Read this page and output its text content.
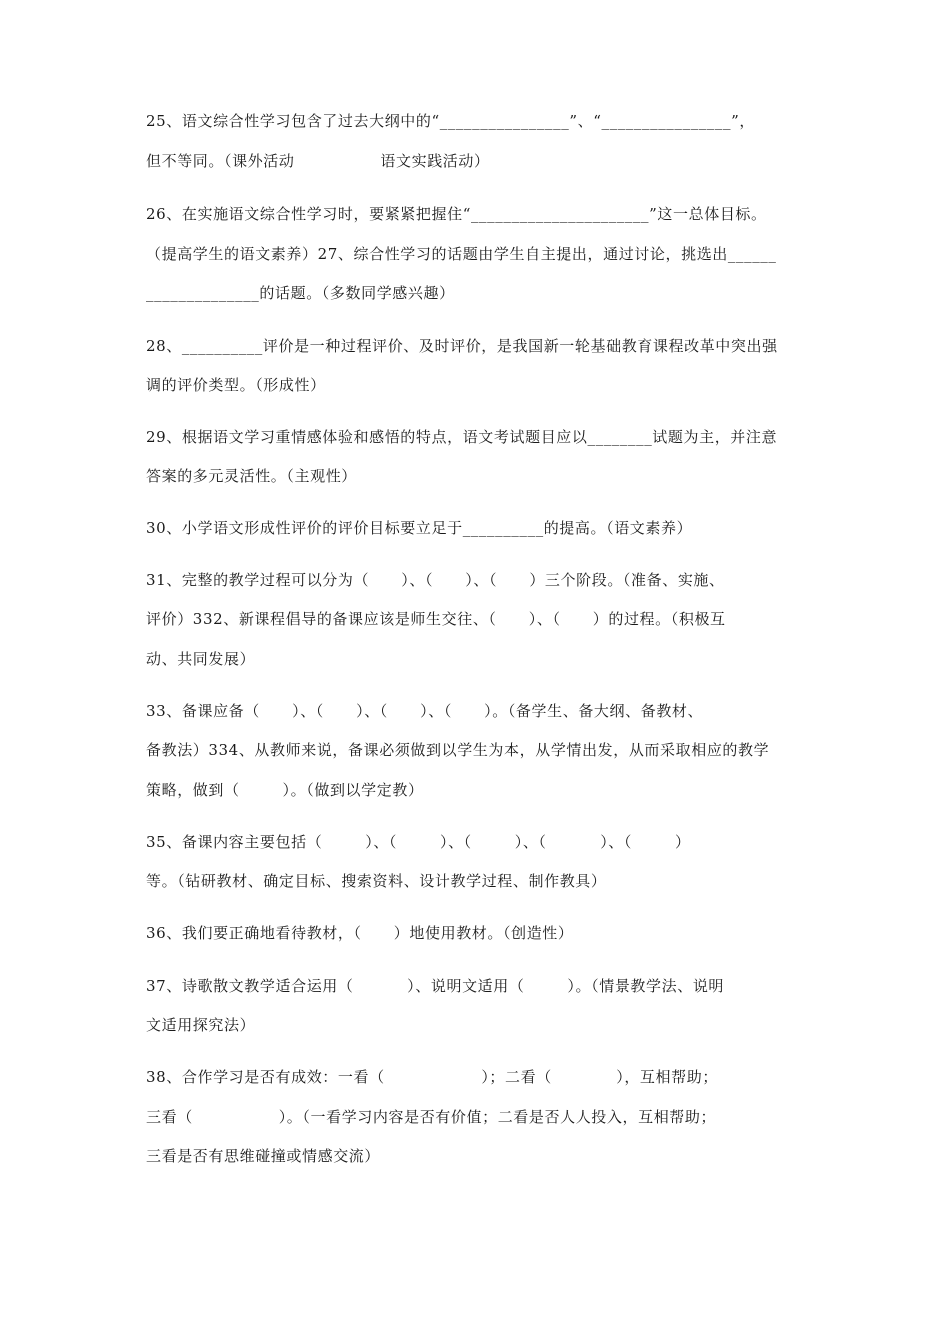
25、语文综合性学习包含了过去大纲中的“________________”、“________________”，
但不等同。（课外活动                语文实践活动）
26、在实施语文综合性学习时，要紧紧把握住“______________________”这一总体目标。
（提高学生的语文素养）27、综合性学习的话题由学生自主提出，通过讨论，挑选出______
______________的话题。（多数同学感兴趣）
28、__________评价是一种过程评价、及时评价，是我国新一轮基础教育课程改革中突出强
调的评价类型。（形成性）
29、根据语文学习重情感体验和感悟的特点，语文考试题目应以________试题为主，并注意
答案的多元灵活性。（主观性）
30、小学语文形成性评价的评价目标要立足于__________的提高。（语文素养）
31、完整的教学过程可以分为（      ）、（      ）、（      ）三个阶段。（准备、实施、
评价）332、新课程倡导的备课应该是师生交往、（      ）、（      ）的过程。（积极互
动、共同发展）
33、备课应备（      ）、（      ）、（      ）、（      ）。（备学生、备大纲、备教材、
备教法）334、从教师来说，备课必须做到以学生为本，从学情出发，从而采取相应的教学
策略，做到（        ）。（做到以学定教）
35、备课内容主要包括（        ）、（        ）、（        ）、（          ）、（        ）
等。（钻研教材、确定目标、搜索资料、设计教学过程、制作教具）
36、我们要正确地看待教材，（      ）地使用教材。（创造性）
37、诗歌散文教学适合运用（          ）、说明文适用（        ）。（情景教学法、说明
文适用探究法）
38、合作学习是否有成效：一看（                  ）；二看（            ），互相帮助；
三看（                ）。（一看学习内容是否有价值；二看是否人人投入，互相帮助；
三看是否有思维碰撞或情感交流）
